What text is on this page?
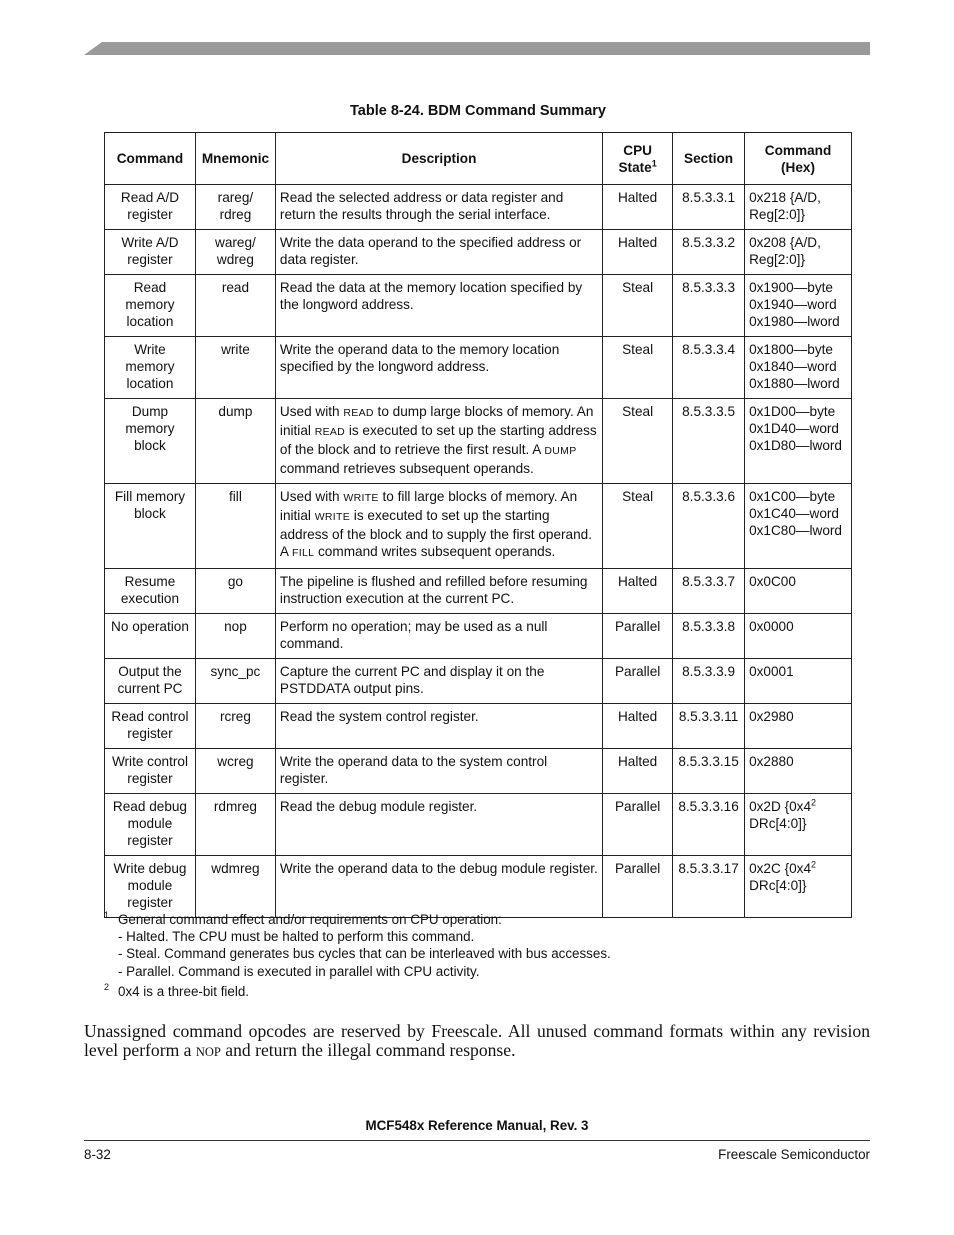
Table 8-24. BDM Command Summary
Command	Mnemonic	Description	CPU State$^1$	Section	Command (Hex)
Read A/D register	rareg/ rdreg	Read the selected address or data register and return the results through the serial interface.	Halted	8.5.3.3.1	0x218 {A/D, Reg[2:0]}

Write A/D register	wareg/ wdreg	Write the data operand to the specified address or data register.	Halted	8.5.3.3.2	0x208 {A/D, Reg[2:0]}

Read memory location	read	Read the data at the memory location specified by the longword address.	Steal	8.5.3.3.3	0x1900—byte
0x1940—word
0x1980—lword

Write memory location	write	Write the operand data to the memory location specified by the longword address.	Steal	8.5.3.3.4	0x1800—byte
0x1840—word
0x1880—lword

Dump memory block	dump	Used with READ to dump large blocks of memory. An initial READ is executed to set up the starting address of the block and to retrieve the first result. A DUMP command retrieves subsequent operands.	Steal	8.5.3.3.5	0x1D00—byte
0x1D40—word
0x1D80—lword

Fill memory block	fill	Used with WRITE to fill large blocks of memory. An initial WRITE is executed to set up the starting address of the block and to supply the first operand. A FILL command writes subsequent operands.	Steal	8.5.3.3.6	0x1C00—byte
0x1C40—word
0x1C80—lword

Resume execution	go	The pipeline is flushed and refilled before resuming instruction execution at the current PC.	Halted	8.5.3.3.7	0x0C00

No operation	nop	Perform no operation; may be used as a null command.	Parallel	8.5.3.3.8	0x0000

Output the current PC	sync_pc	Capture the current PC and display it on the PSTDDATA output pins.	Parallel	8.5.3.3.9	0x0001

Read control register	rcreg	Read the system control register.	Halted	8.5.3.3.11	0x2980

Write control register	wcreg	Write the operand data to the system control register.	Halted	8.5.3.3.15	0x2880

Read debug module register	rdmreg	Read the debug module register.	Parallel	8.5.3.3.16	0x2D {$0x4^2$
DRc[4:0]}

Write debug module register	wdmreg	Write the operand data to the debug module register.	Parallel	8.5.3.3.17	0x2C {$0x4^2$
DRc[4:0]}
1 General command effect and/or requirements on CPU operation:
- Halted. The CPU must be halted to perform this command.
- Steal. Command generates bus cycles that can be interleaved with bus accesses.
- Parallel. Command is executed in parallel with CPU activity.
2 0x4 is a three-bit field.
Unassigned command opcodes are reserved by Freescale. All unused command formats within any revision level perform a NOP and return the illegal command response.
MCF548x Reference Manual, Rev. 3
8-32	Freescale Semiconductor
